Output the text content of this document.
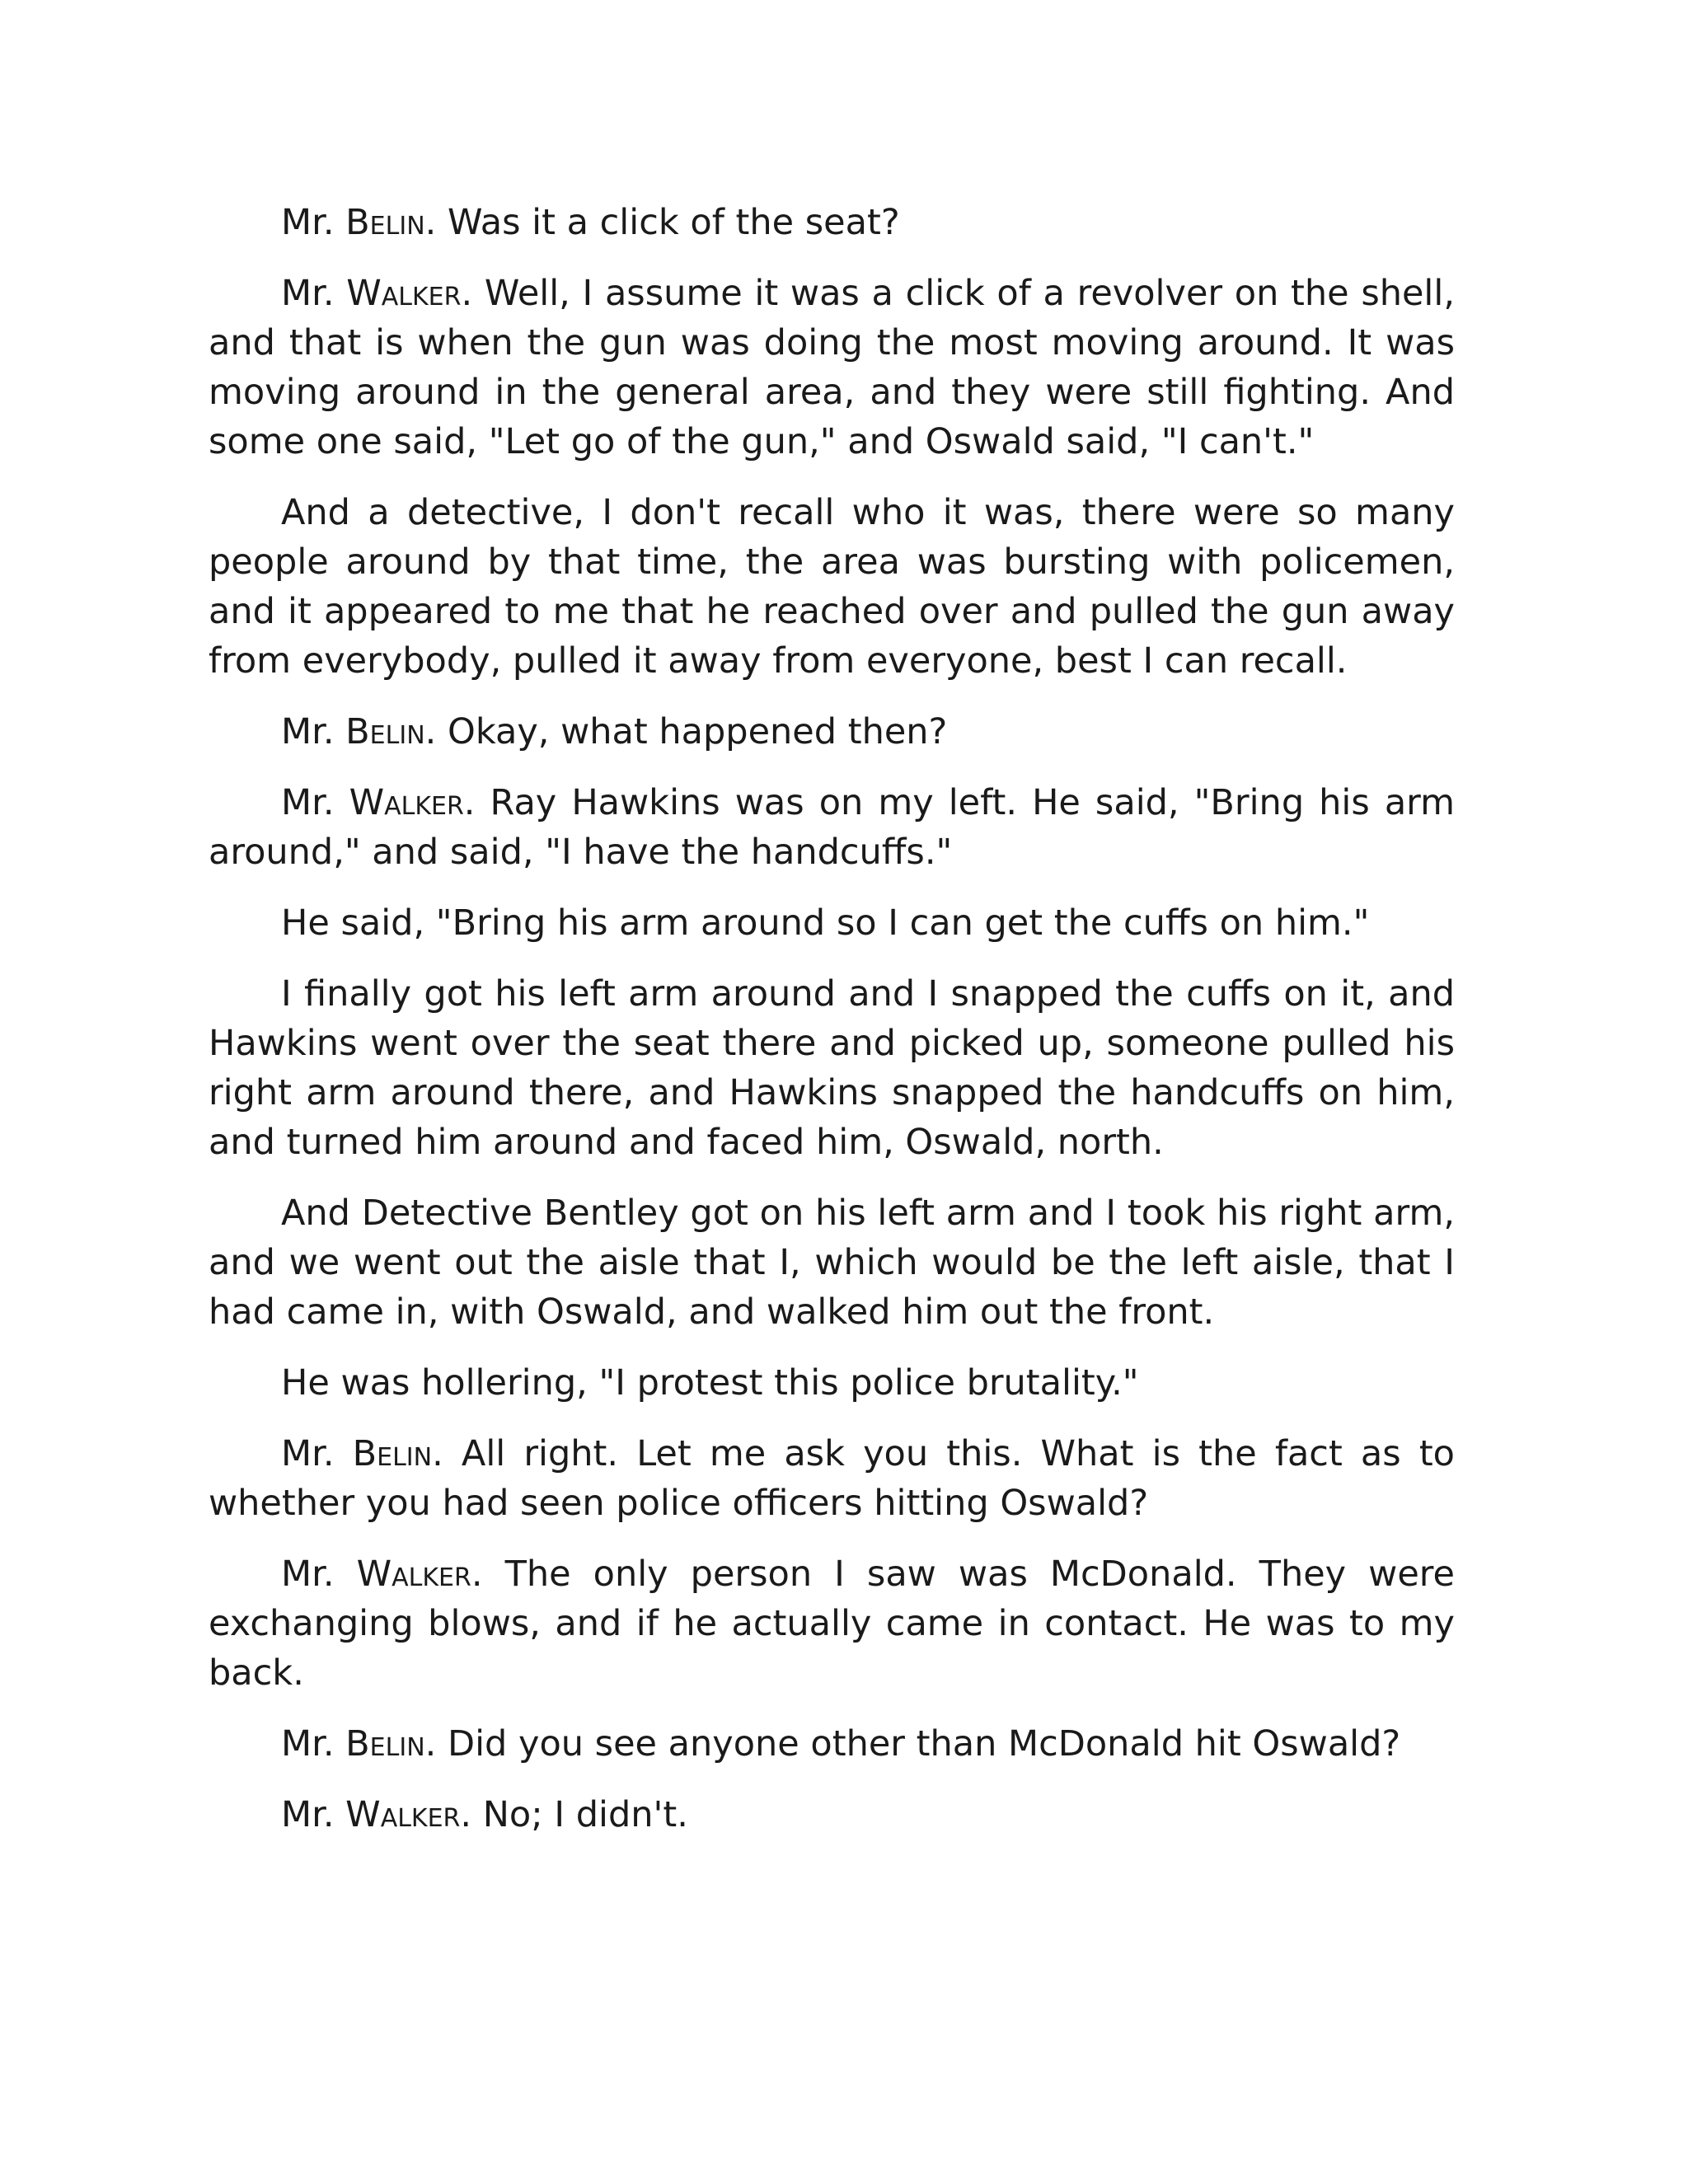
Mr. Belin. Was it a click of the seat?

Mr. Walker. Well, I assume it was a click of a revolver on the shell, and that is when the gun was doing the most moving around. It was moving around in the general area, and they were still fighting. And some one said, "Let go of the gun," and Oswald said, "I can't."

And a detective, I don't recall who it was, there were so many people around by that time, the area was bursting with policemen, and it appeared to me that he reached over and pulled the gun away from everybody, pulled it away from everyone, best I can recall.

Mr. Belin. Okay, what happened then?

Mr. Walker. Ray Hawkins was on my left. He said, "Bring his arm around," and said, "I have the handcuffs."

He said, "Bring his arm around so I can get the cuffs on him."

I finally got his left arm around and I snapped the cuffs on it, and Hawkins went over the seat there and picked up, someone pulled his right arm around there, and Hawkins snapped the handcuffs on him, and turned him around and faced him, Oswald, north.

And Detective Bentley got on his left arm and I took his right arm, and we went out the aisle that I, which would be the left aisle, that I had came in, with Oswald, and walked him out the front.

He was hollering, "I protest this police brutality."

Mr. Belin. All right. Let me ask you this. What is the fact as to whether you had seen police officers hitting Oswald?

Mr. Walker. The only person I saw was McDonald. They were exchanging blows, and if he actually came in contact. He was to my back.

Mr. Belin. Did you see anyone other than McDonald hit Oswald?

Mr. Walker. No; I didn't.
